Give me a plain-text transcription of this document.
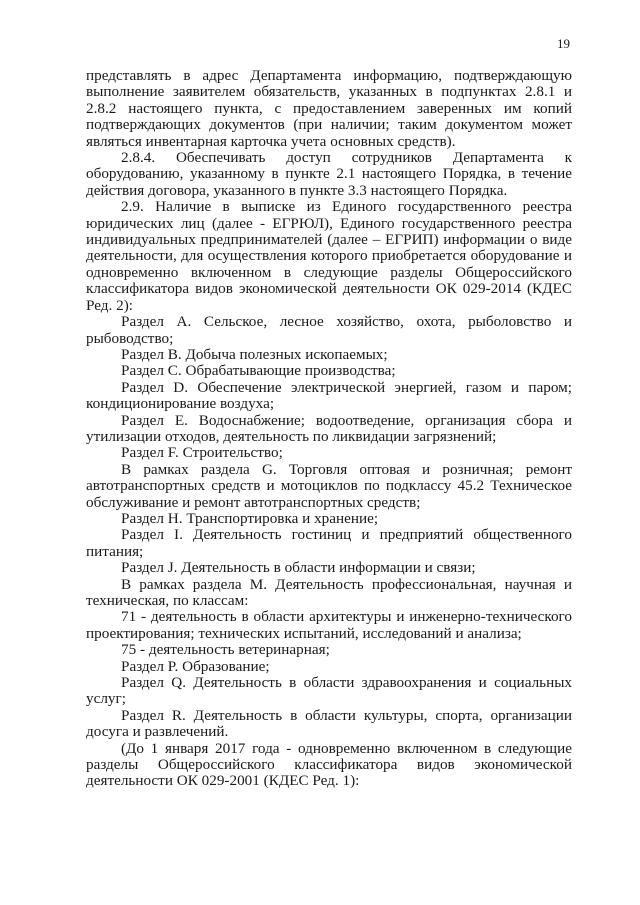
19

представлять в адрес Департамента информацию, подтверждающую выполнение заявителем обязательств, указанных в подпунктах 2.8.1 и 2.8.2 настоящего пункта, с предоставлением заверенных им копий подтверждающих документов (при наличии; таким документом может являться инвентарная карточка учета основных средств).

2.8.4. Обеспечивать доступ сотрудников Департамента к оборудованию, указанному в пункте 2.1 настоящего Порядка, в течение действия договора, указанного в пункте 3.3 настоящего Порядка.

2.9. Наличие в выписке из Единого государственного реестра юридических лиц (далее - ЕГРЮЛ), Единого государственного реестра индивидуальных предпринимателей (далее – ЕГРИП) информации о виде деятельности, для осуществления которого приобретается оборудование и одновременно включенном в следующие разделы Общероссийского классификатора видов экономической деятельности ОК 029-2014 (КДЕС Ред. 2):

Раздел A. Сельское, лесное хозяйство, охота, рыболовство и рыбоводство;

Раздел B. Добыча полезных ископаемых;

Раздел C. Обрабатывающие производства;

Раздел D. Обеспечение электрической энергией, газом и паром; кондиционирование воздуха;

Раздел E. Водоснабжение; водоотведение, организация сбора и утилизации отходов, деятельность по ликвидации загрязнений;

Раздел F. Строительство;

В рамках раздела G. Торговля оптовая и розничная; ремонт автотранспортных средств и мотоциклов по подклассу 45.2 Техническое обслуживание и ремонт автотранспортных средств;

Раздел H. Транспортировка и хранение;

Раздел I. Деятельность гостиниц и предприятий общественного питания;

Раздел J. Деятельность в области информации и связи;

В рамках раздела M. Деятельность профессиональная, научная и техническая, по классам:

71 - деятельность в области архитектуры и инженерно-технического проектирования; технических испытаний, исследований и анализа;

75 - деятельность ветеринарная;

Раздел P. Образование;

Раздел Q. Деятельность в области здравоохранения и социальных услуг;

Раздел R. Деятельность в области культуры, спорта, организации досуга и развлечений.

(До 1 января 2017 года - одновременно включенном в следующие разделы Общероссийского классификатора видов экономической деятельности ОК 029-2001 (КДЕС Ред. 1):
